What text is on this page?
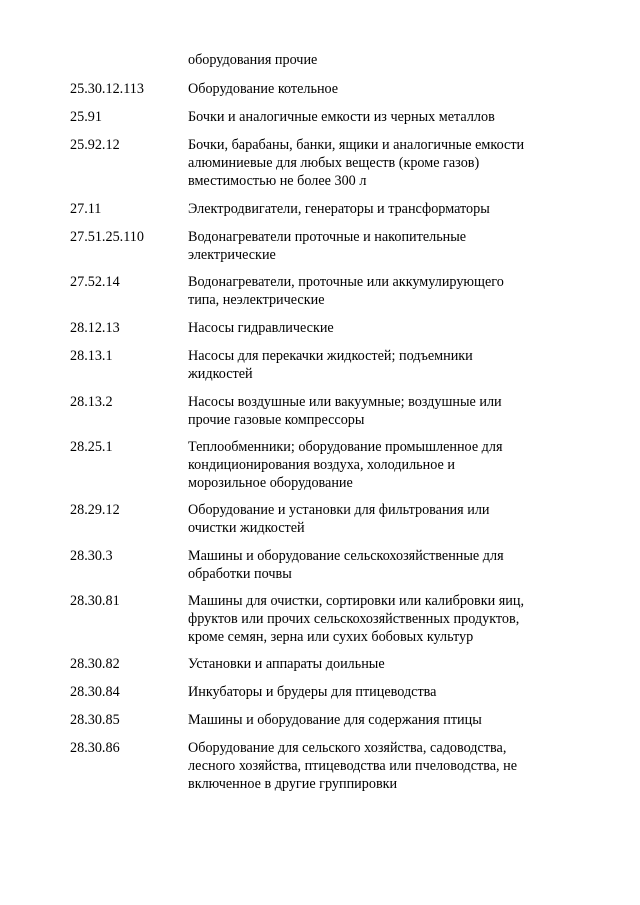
оборудования прочие
25.30.12.113	Оборудование котельное
25.91	Бочки и аналогичные емкости из черных металлов
25.92.12	Бочки, барабаны, банки, ящики и аналогичные емкости
алюминиевые для любых веществ (кроме газов)
вместимостью не более 300 л
27.11	Электродвигатели, генераторы и трансформаторы
27.51.25.110	Водонагреватели проточные и накопительные
электрические
27.52.14	Водонагреватели, проточные или аккумулирующего
типа, неэлектрические
28.12.13	Насосы гидравлические
28.13.1	Насосы для перекачки жидкостей; подъемники
жидкостей
28.13.2	Насосы воздушные или вакуумные; воздушные или
прочие газовые компрессоры
28.25.1	Теплообменники; оборудование промышленное для
кондиционирования воздуха, холодильное и
морозильное оборудование
28.29.12	Оборудование и установки для фильтрования или
очистки жидкостей
28.30.3	Машины и оборудование сельскохозяйственные для
обработки почвы
28.30.81	Машины для очистки, сортировки или калибровки яиц,
фруктов или прочих сельскохозяйственных продуктов,
кроме семян, зерна или сухих бобовых культур
28.30.82	Установки и аппараты доильные
28.30.84	Инкубаторы и брудеры для птицеводства
28.30.85	Машины и оборудование для содержания птицы
28.30.86	Оборудование для сельского хозяйства, садоводства,
лесного хозяйства, птицеводства или пчеловодства, не
включенное в другие группировки
